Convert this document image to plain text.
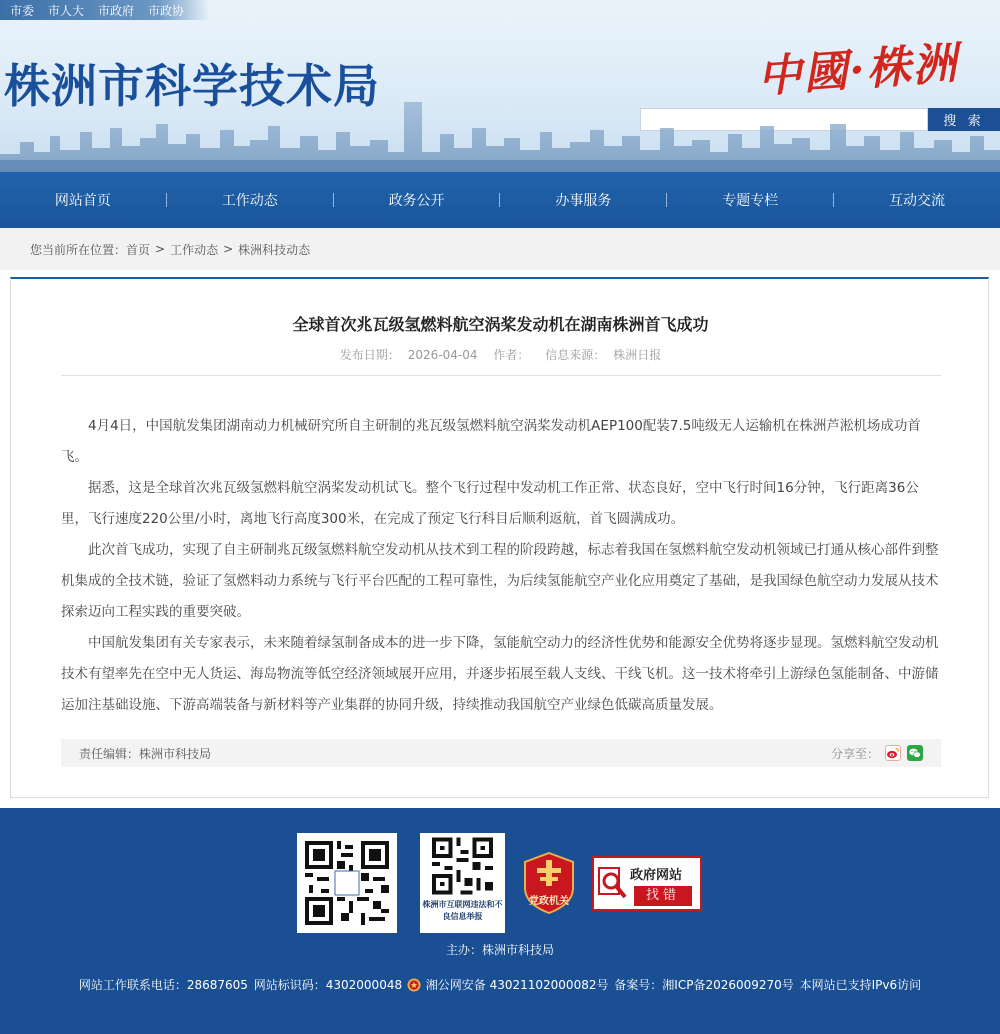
市委 市人大 市政府 市政协
株洲市科学技术局	中國·株洲
搜 索
网站首页	工作动态	政务公开	办事服务	专题专栏	互动交流
您当前所在位置： 首页 > 工作动态 > 株洲科技动态
全球首次兆瓦级氢燃料航空涡桨发动机在湖南株洲首飞成功
发布日期： 2026-04-04 作者： 信息来源： 株洲日报

4月4日，中国航发集团湖南动力机械研究所自主研制的兆瓦级氢燃料航空涡桨发动机AEP100配装7.5吨级无人运输机在株洲芦淞机场成功首飞。

据悉，这是全球首次兆瓦级氢燃料航空涡桨发动机试飞。整个飞行过程中发动机工作正常、状态良好，空中飞行时间16分钟，飞行距离36公里，飞行速度220公里/小时，离地飞行高度300米，在完成了预定飞行科目后顺利返航，首飞圆满成功。

此次首飞成功，实现了自主研制兆瓦级氢燃料航空发动机从技术到工程的阶段跨越，标志着我国在氢燃料航空发动机领域已打通从核心部件到整机集成的全技术链，验证了氢燃料动力系统与飞行平台匹配的工程可靠性，为后续氢能航空产业化应用奠定了基础，是我国绿色航空动力发展从技术探索迈向工程实践的重要突破。

中国航发集团有关专家表示，未来随着绿氢制备成本的进一步下降，氢能航空动力的经济性优势和能源安全优势将逐步显现。氢燃料航空发动机技术有望率先在空中无人货运、海岛物流等低空经济领域展开应用，并逐步拓展至载人支线、干线飞机。这一技术将牵引上游绿色氢能制备、中游储运加注基础设施、下游高端装备与新材料等产业集群的协同升级，持续推动我国航空产业绿色低碳高质量发展。

责任编辑： 株洲市科技局	分享至：
株洲市互联网违法和不良信息举报
党政机关
政府网站
找错
主办：株洲市科技局
网站工作联系电话：28687605 网站标识码：4302000048 湘公网安备 43021102000082号 备案号：湘ICP备2026009270号 本网站已支持IPv6访问
